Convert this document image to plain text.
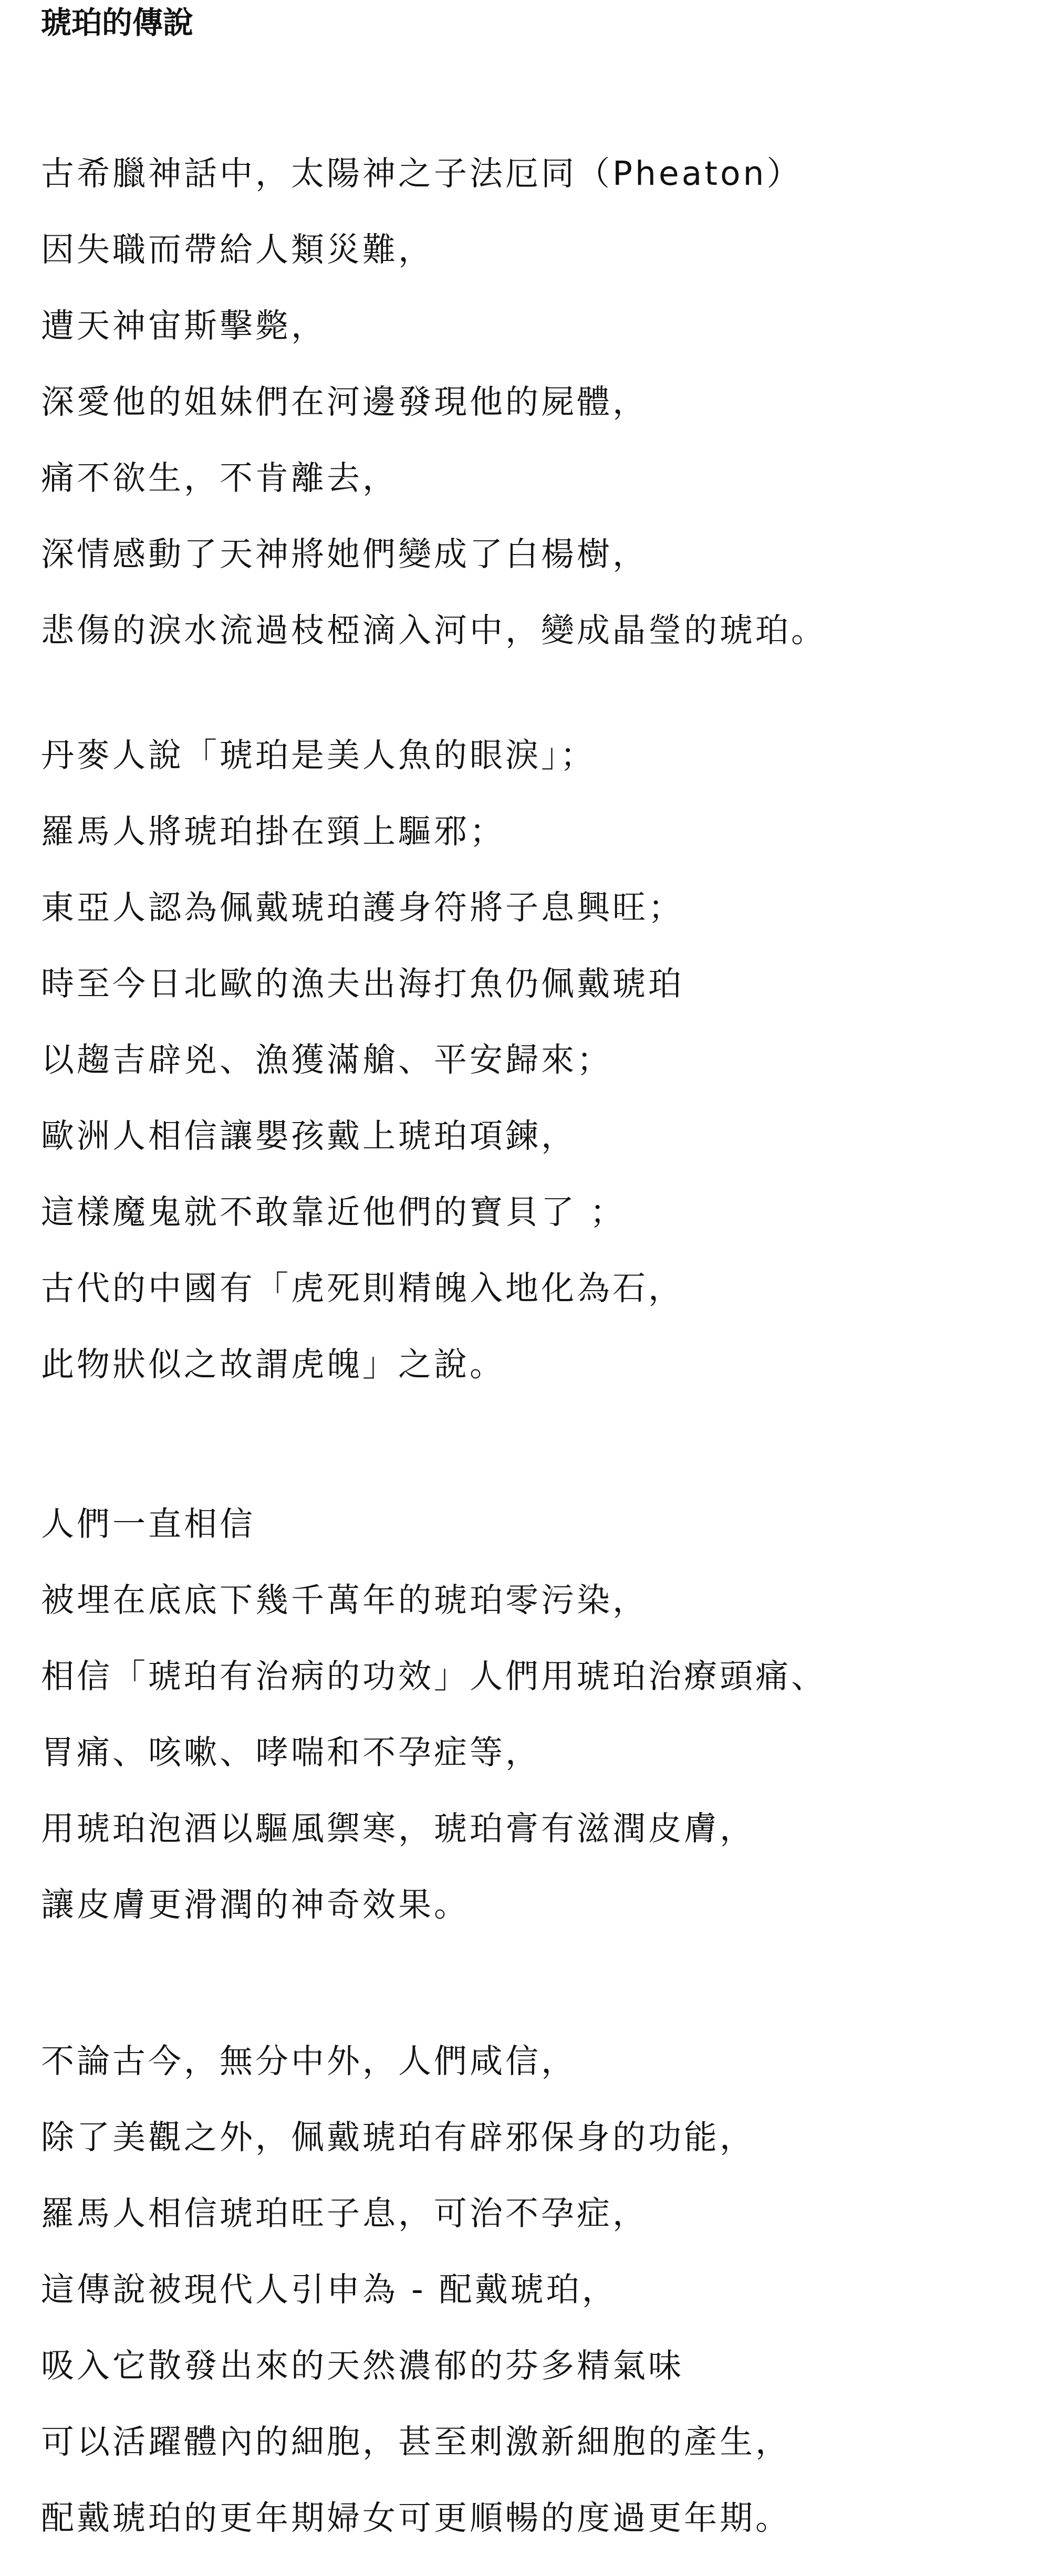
琥珀的傳說
古希臘神話中，太陽神之子法厄同（Pheaton）
因失職而帶給人類災難，
遭天神宙斯擊斃，
深愛他的姐妹們在河邊發現他的屍體，
痛不欲生，不肯離去，
深情感動了天神將她們變成了白楊樹，
悲傷的淚水流過枝椏滴入河中，變成晶瑩的琥珀。
丹麥人說「琥珀是美人魚的眼淚」；
羅馬人將琥珀掛在頸上驅邪；
東亞人認為佩戴琥珀護身符將子息興旺；
時至今日北歐的漁夫出海打魚仍佩戴琥珀
以趨吉辟兇、漁獲滿艙、平安歸來；
歐洲人相信讓嬰孩戴上琥珀項鍊，
這樣魔鬼就不敢靠近他們的寶貝了 ；
古代的中國有「虎死則精魄入地化為石，
此物狀似之故謂虎魄」之說。
人們一直相信
被埋在底底下幾千萬年的琥珀零污染，
相信「琥珀有治病的功效」人們用琥珀治療頭痛、
胃痛、咳嗽、哮喘和不孕症等，
用琥珀泡酒以驅風禦寒，琥珀膏有滋潤皮膚，
讓皮膚更滑潤的神奇效果。
不論古今，無分中外，人們咸信，
除了美觀之外，佩戴琥珀有辟邪保身的功能，
羅馬人相信琥珀旺子息，可治不孕症，
這傳說被現代人引申為 - 配戴琥珀，
吸入它散發出來的天然濃郁的芬多精氣味
可以活躍體內的細胞，甚至刺激新細胞的產生，
配戴琥珀的更年期婦女可更順暢的度過更年期。
